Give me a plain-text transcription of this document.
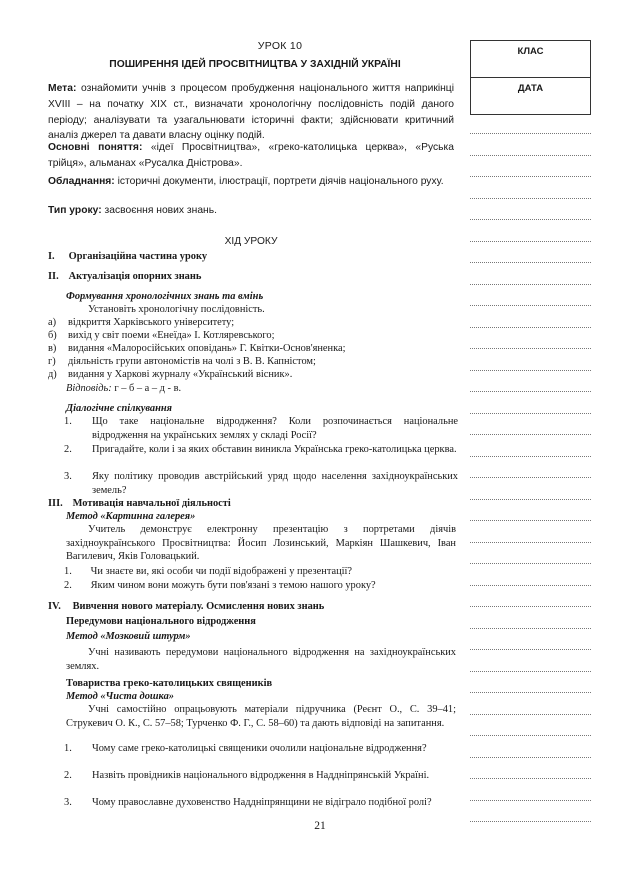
УРОК 10
ПОШИРЕННЯ ІДЕЙ ПРОСВІТНИЦТВА У ЗАХІДНІЙ УКРАЇНІ
КЛАС
ДАТА
Мета: ознайомити учнів з процесом пробудження національного життя наприкінці XVIII – на початку XIX ст., визначати хронологічну послідовність подій даного періоду; аналізувати та узагальнювати історичні факти; здійснювати критичний аналіз джерел та давати власну оцінку подій.
Основні поняття: «ідеї Просвітництва», «греко-католицька церква», «Руська трійця», альманах «Русалка Дністрова».
Обладнання: історичні документи, ілюстрації, портрети діячів національного руху.
Тип уроку: засвоєння нових знань.
ХІД УРОКУ
I. Організаційна частина уроку
II. Актуалізація опорних знань
Формування хронологічних знань та вмінь
Установіть хронологічну послідовність.
а) відкриття Харківського університету;
б) вихід у світ поеми «Енеїда» І. Котляревського;
в) видання «Малоросійських оповідань» Г. Квітки-Основ'яненка;
г) діяльність групи автономістів на чолі з В. В. Капністом;
д) видання у Харкові журналу «Український вісник».
Відповідь: г – б – а – д - в.
Діалогічне спілкування
1.	Що таке національне відродження? Коли розпочинається національне відродження на українських землях у складі Росії?
2.	Пригадайте, коли і за яких обставин виникла Українська греко-католицька церква.
3.	Яку політику проводив австрійський уряд щодо населення західноукраїнських земель?
III. Мотивація навчальної діяльності
Метод «Картинна галерея»
Учитель демонструє електронну презентацію з портретами діячів західноукраїнського Просвітництва: Йосип Лозинський, Маркіян Шашкевич, Іван Вагилевич, Яків Головацький.
1. Чи знаєте ви, які особи чи події відображені у презентації?
2. Яким чином вони можуть бути пов'язані з темою нашого уроку?
IV. Вивчення нового матеріалу. Осмислення нових знань
Передумови національного відродження
Метод «Мозковий штурм»
Учні називають передумови національного відродження на західноукраїнських землях.
Товариства греко-католицьких священиків
Метод «Чиста дошка»
Учні самостійно опрацьовують матеріали підручника (Реєнт О., С. 39–41; Струкевич О. К., С. 57–58; Турченко Ф. Г., С. 58–60) та дають відповіді на запитання.
1.	Чому саме греко-католицькі священики очолили національне відродження?
2.	Назвіть провідників національного відродження в Наддніпрянській Україні.
3.	Чому православне духовенство Наддніпрянщини не відіграло подібної ролі?
21
